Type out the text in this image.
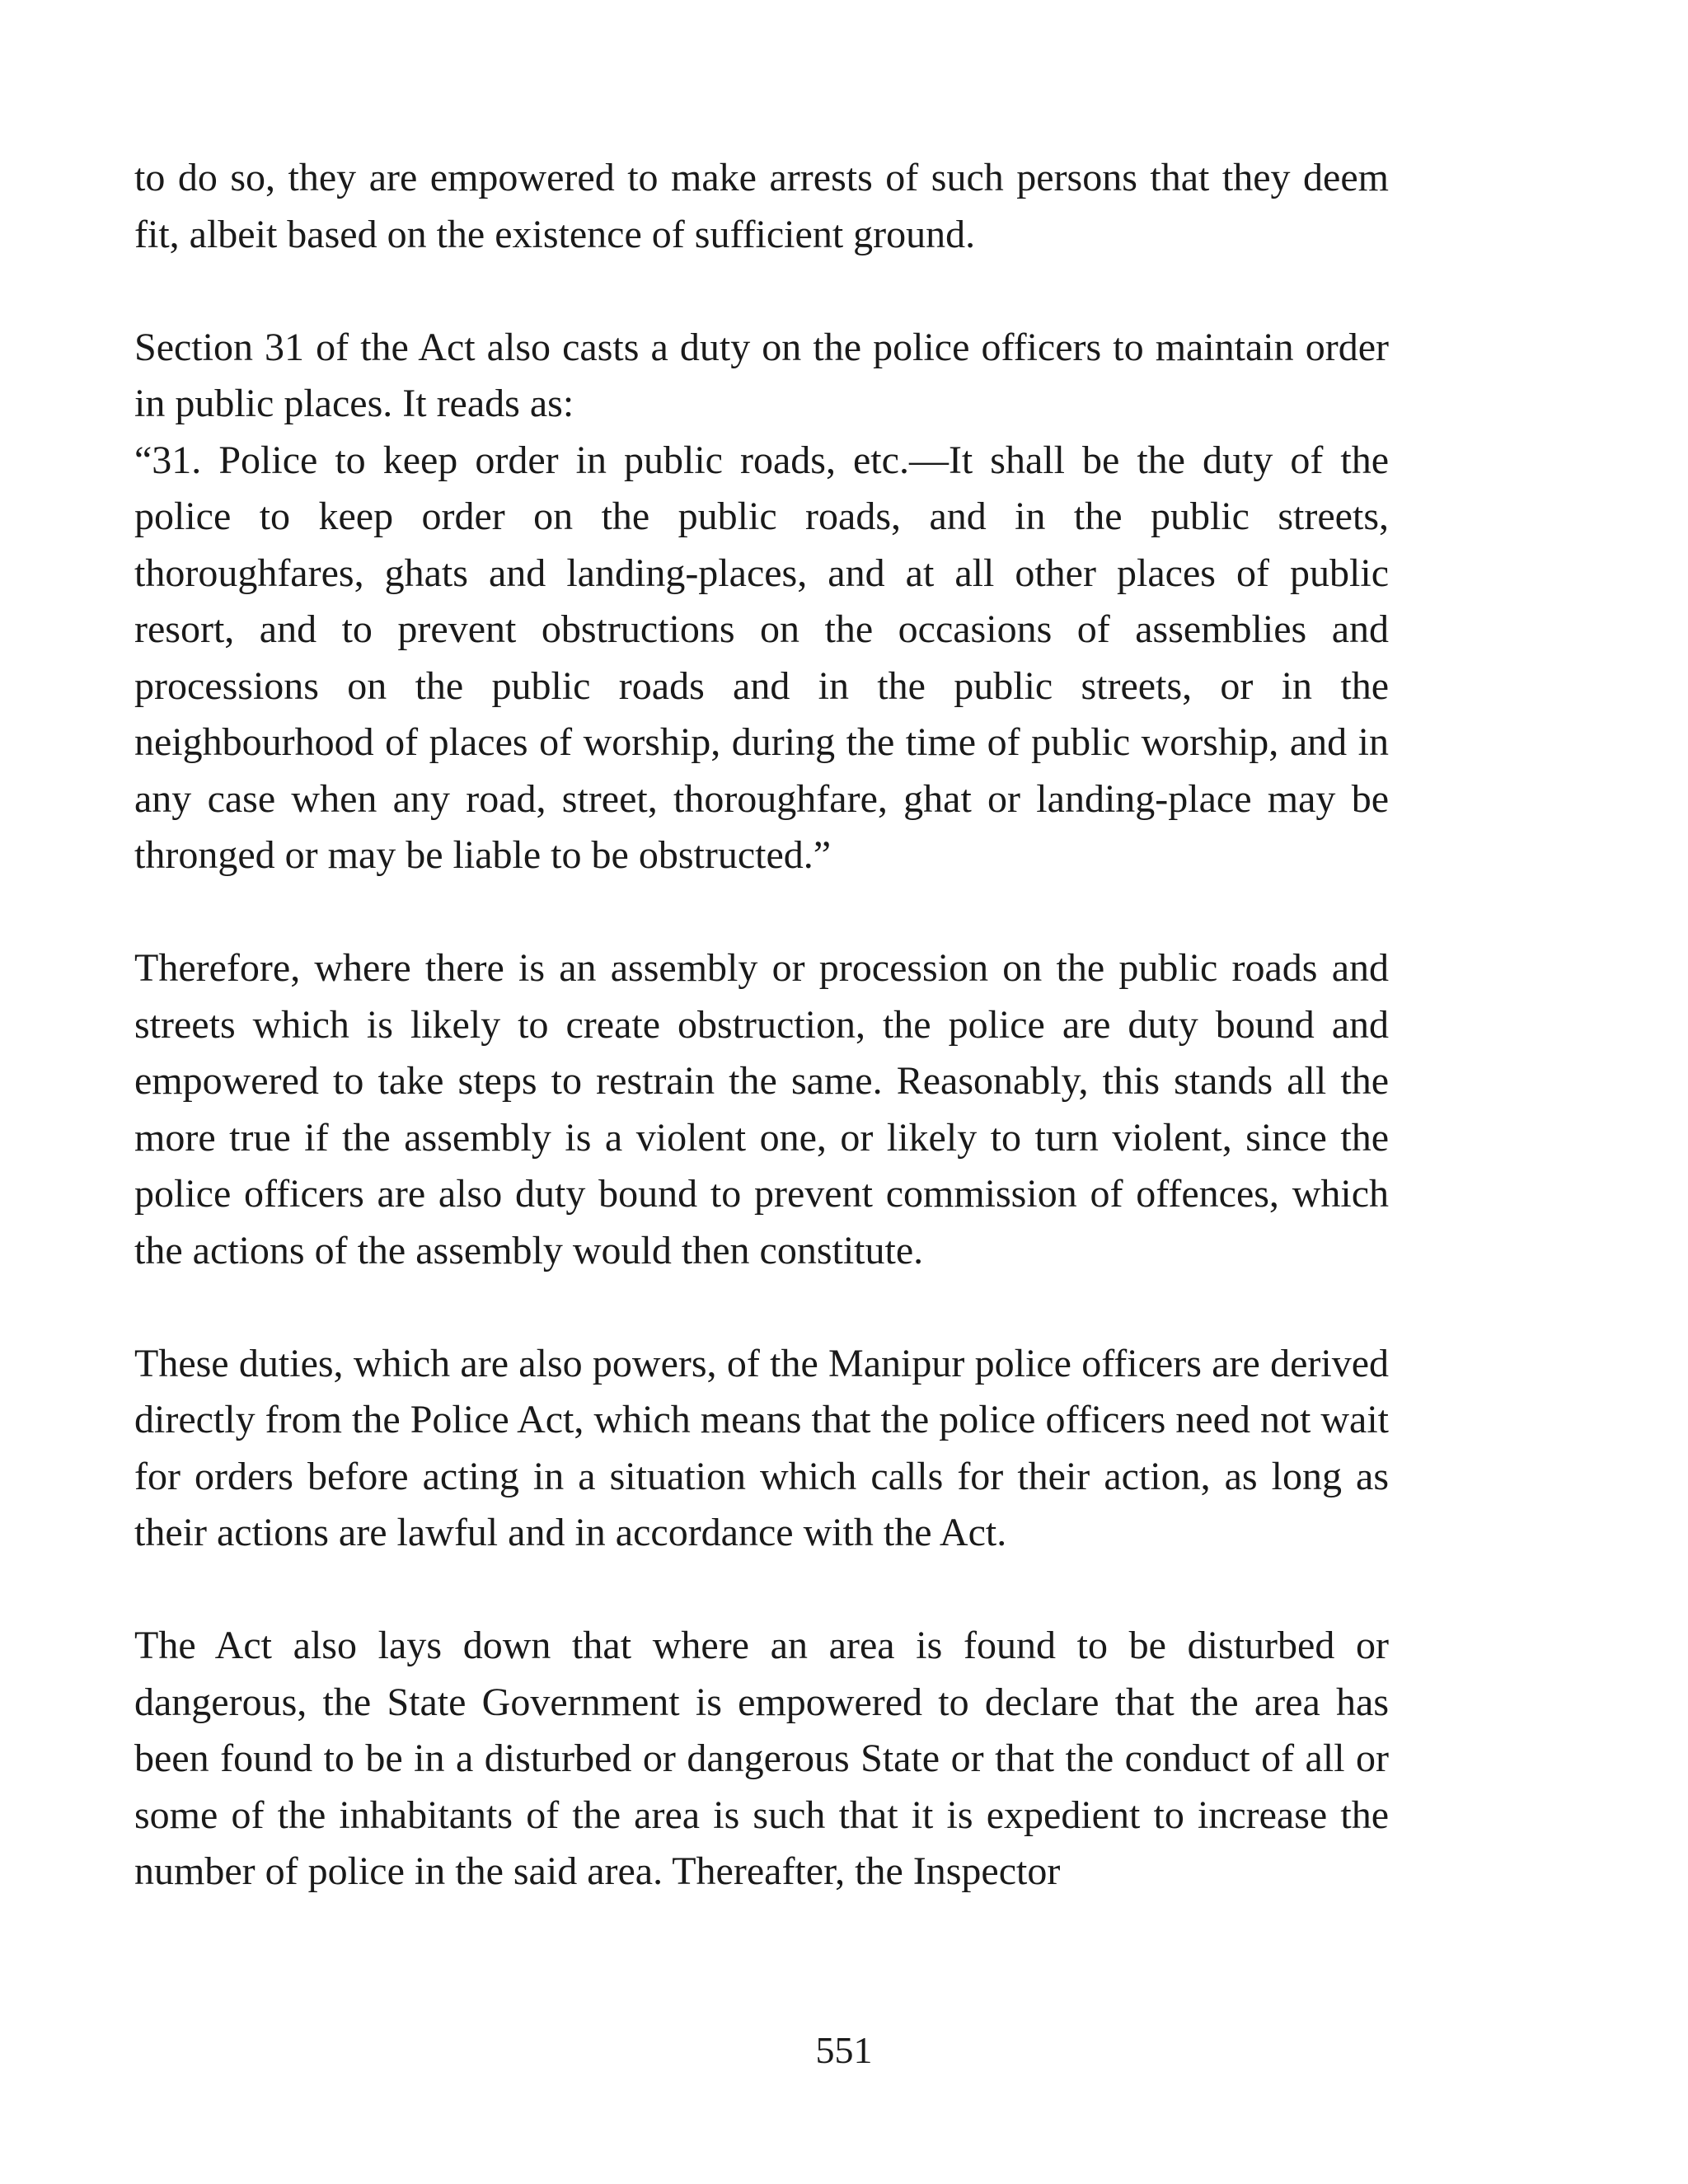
to do so, they are empowered to make arrests of such persons that they deem fit, albeit based on the existence of sufficient ground.

Section 31 of the Act also casts a duty on the police officers to maintain order in public places. It reads as:

“31. Police to keep order in public roads, etc.—It shall be the duty of the police to keep order on the public roads, and in the public streets, thoroughfares, ghats and landing-places, and at all other places of public resort, and to prevent obstructions on the occasions of assemblies and processions on the public roads and in the public streets, or in the neighbourhood of places of worship, during the time of public worship, and in any case when any road, street, thoroughfare, ghat or landing-place may be thronged or may be liable to be obstructed.”

Therefore, where there is an assembly or procession on the public roads and streets which is likely to create obstruction, the police are duty bound and empowered to take steps to restrain the same. Reasonably, this stands all the more true if the assembly is a violent one, or likely to turn violent, since the police officers are also duty bound to prevent commission of offences, which the actions of the assembly would then constitute.

These duties, which are also powers, of the Manipur police officers are derived directly from the Police Act, which means that the police officers need not wait for orders before acting in a situation which calls for their action, as long as their actions are lawful and in accordance with the Act.

The Act also lays down that where an area is found to be disturbed or dangerous, the State Government is empowered to declare that the area has been found to be in a disturbed or dangerous State or that the conduct of all or some of the inhabitants of the area is such that it is expedient to increase the number of police in the said area. Thereafter, the Inspector

551
